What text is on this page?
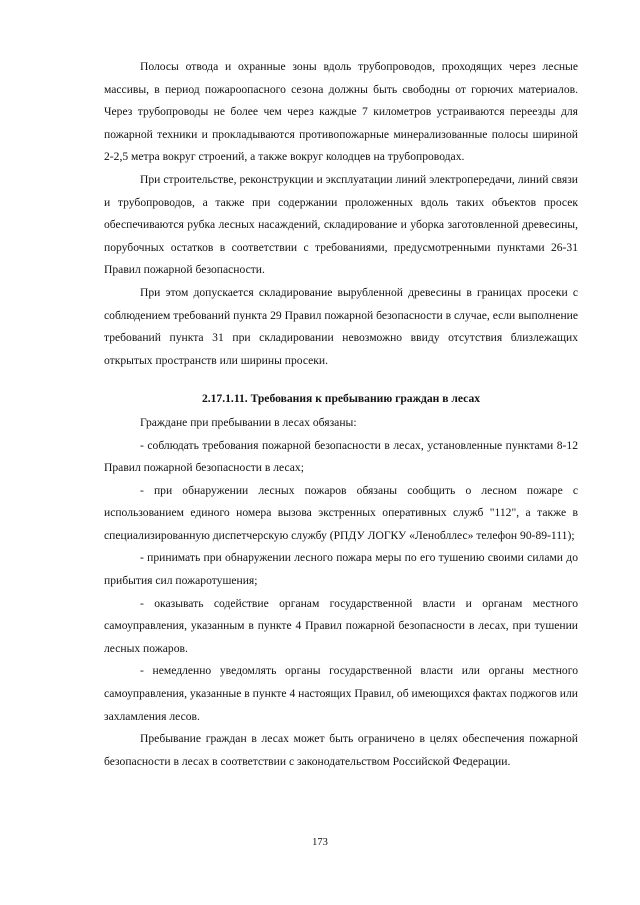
Полосы отвода и охранные зоны вдоль трубопроводов, проходящих через лесные массивы, в период пожароопасного сезона должны быть свободны от горючих материалов. Через трубопроводы не более чем через каждые 7 километров устраиваются переезды для пожарной техники и прокладываются противопожарные минерализованные полосы шириной 2-2,5 метра вокруг строений, а также вокруг колодцев на трубопроводах.

При строительстве, реконструкции и эксплуатации линий электропередачи, линий связи и трубопроводов, а также при содержании проложенных вдоль таких объектов просек обеспечиваются рубка лесных насаждений, складирование и уборка заготовленной древесины, порубочных остатков в соответствии с требованиями, предусмотренными пунктами 26-31 Правил пожарной безопасности.

При этом допускается складирование вырубленной древесины в границах просеки с соблюдением требований пункта 29 Правил пожарной безопасности в случае, если выполнение требований пункта 31 при складировании невозможно ввиду отсутствия близлежащих открытых пространств или ширины просеки.

2.17.1.11. Требования к пребыванию граждан в лесах

Граждане при пребывании в лесах обязаны:

- соблюдать требования пожарной безопасности в лесах, установленные пунктами 8-12 Правил пожарной безопасности в лесах;

- при обнаружении лесных пожаров обязаны сообщить о лесном пожаре с использованием единого номера вызова экстренных оперативных служб "112", а также в специализированную диспетчерскую службу (РПДУ ЛОГКУ «Ленобллес» телефон 90-89-111);

- принимать при обнаружении лесного пожара меры по его тушению своими силами до прибытия сил пожаротушения;

- оказывать содействие органам государственной власти и органам местного самоуправления, указанным в пункте 4 Правил пожарной безопасности в лесах, при тушении лесных пожаров.

- немедленно уведомлять органы государственной власти или органы местного самоуправления, указанные в пункте 4 настоящих Правил, об имеющихся фактах поджогов или захламления лесов.

Пребывание граждан в лесах может быть ограничено в целях обеспечения пожарной безопасности в лесах в соответствии с законодательством Российской Федерации.

173
